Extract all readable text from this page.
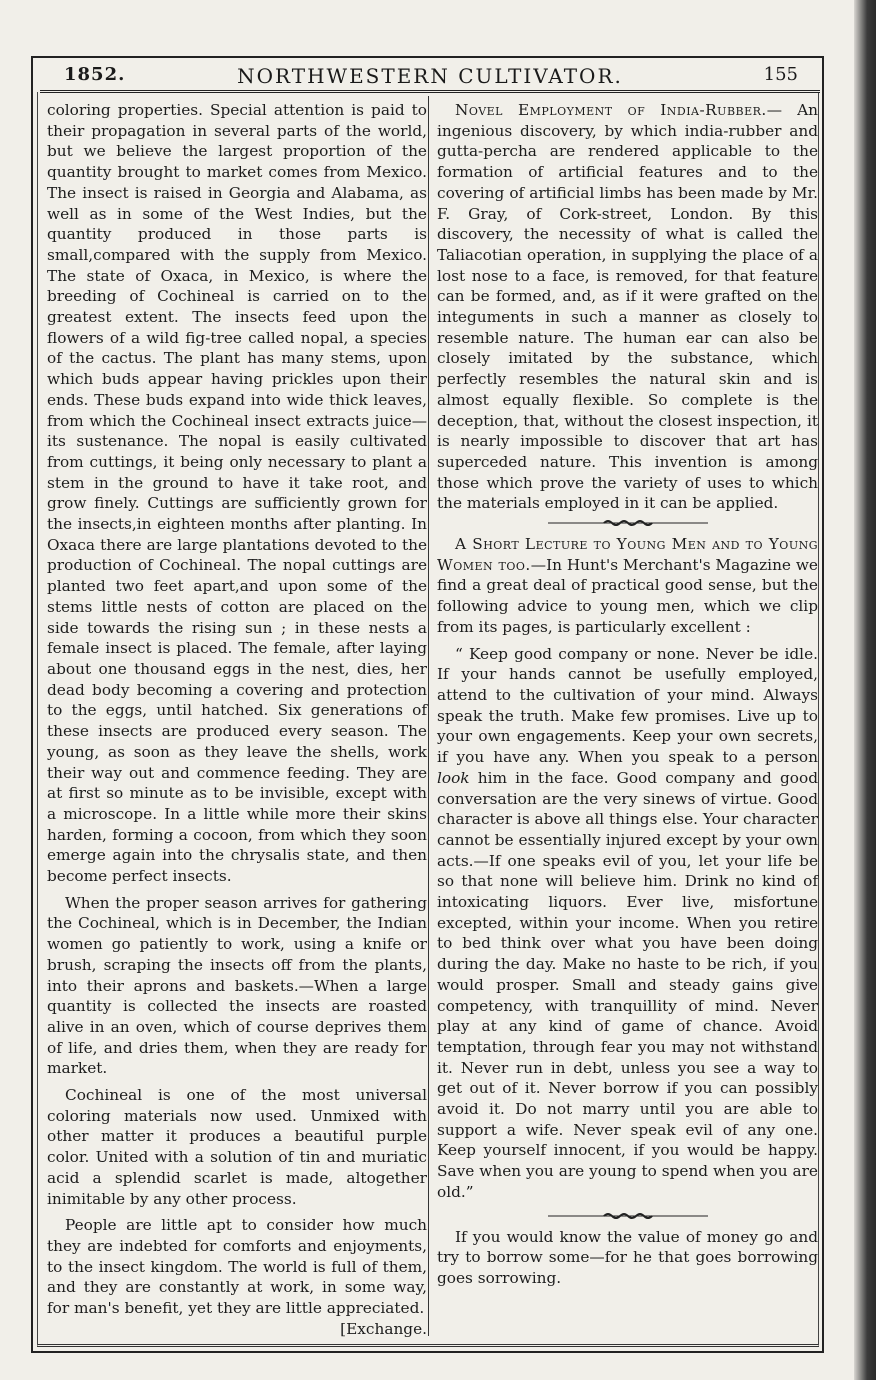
1852.	NORTHWESTERN CULTIVATOR.	155

coloring properties. Special attention is paid to their propagation in several parts of the world, but we believe the largest proportion of the quantity brought to market comes from Mexico. The insect is raised in Georgia and Alabama, as well as in some of the West Indies, but the quantity produced in those parts is small,compared with the supply from Mexico. The state of Oxaca, in Mexico, is where the breeding of Cochineal is carried on to the greatest extent. The insects feed upon the flowers of a wild fig-tree called nopal, a species of the cactus. The plant has many stems, upon which buds appear having prickles upon their ends. These buds expand into wide thick leaves, from which the Cochineal insect extracts juice—its sustenance. The nopal is easily cultivated from cuttings, it being only necessary to plant a stem in the ground to have it take root, and grow finely. Cuttings are sufficiently grown for the insects,in eighteen months after planting. In Oxaca there are large plantations devoted to the production of Cochineal. The nopal cuttings are planted two feet apart,and upon some of the stems little nests of cotton are placed on the side towards the rising sun ; in these nests a female insect is placed. The female, after laying about one thousand eggs in the nest, dies, her dead body becoming a covering and protection to the eggs, until hatched. Six generations of these insects are produced every season. The young, as soon as they leave the shells, work their way out and commence feeding. They are at first so minute as to be invisible, except with a microscope. In a little while more their skins harden, forming a cocoon, from which they soon emerge again into the chrysalis state, and then become perfect insects.

When the proper season arrives for gathering the Cochineal, which is in December, the Indian women go patiently to work, using a knife or brush, scraping the insects off from the plants, into their aprons and baskets.—When a large quantity is collected the insects are roasted alive in an oven, which of course deprives them of life, and dries them, when they are ready for market.

Cochineal is one of the most universal coloring materials now used. Unmixed with other matter it produces a beautiful purple color. United with a solution of tin and muriatic acid a splendid scarlet is made, altogether inimitable by any other process.

People are little apt to consider how much they are indebted for comforts and enjoyments, to the insect kingdom. The world is full of them, and they are constantly at work, in some way, for man's benefit, yet they are little appreciated.
[Exchange.

Novel Employment of India-Rubber.— An ingenious discovery, by which india-rubber and gutta-percha are rendered applicable to the formation of artificial features and to the covering of artificial limbs has been made by Mr. F. Gray, of Cork-street, London. By this discovery, the necessity of what is called the Taliacotian operation, in supplying the place of a lost nose to a face, is removed, for that feature can be formed, and, as if it were grafted on the integuments in such a manner as closely to resemble nature. The human ear can also be closely imitated by the substance, which perfectly resembles the natural skin and is almost equally flexible. So complete is the deception, that, without the closest inspection, it is nearly impossible to discover that art has superceded nature. This invention is among those which prove the variety of uses to which the materials employed in it can be applied.

A Short Lecture to Young Men and to Young Women too.—In Hunt's Merchant's Magazine we find a great deal of practical good sense, but the following advice to young men, which we clip from its pages, is particularly excellent :

“ Keep good company or none. Never be idle. If your hands cannot be usefully employed, attend to the cultivation of your mind. Always speak the truth. Make few promises. Live up to your own engagements. Keep your own secrets, if you have any. When you speak to a person look him in the face. Good company and good conversation are the very sinews of virtue. Good character is above all things else. Your character cannot be essentially injured except by your own acts.—If one speaks evil of you, let your life be so that none will believe him. Drink no kind of intoxicating liquors. Ever live, misfortune excepted, within your income. When you retire to bed think over what you have been doing during the day. Make no haste to be rich, if you would prosper. Small and steady gains give competency, with tranquillity of mind. Never play at any kind of game of chance. Avoid temptation, through fear you may not withstand it. Never run in debt, unless you see a way to get out of it. Never borrow if you can possibly avoid it. Do not marry until you are able to support a wife. Never speak evil of any one. Keep yourself innocent, if you would be happy. Save when you are young to spend when you are old.”

If you would know the value of money go and try to borrow some—for he that goes borrowing goes sorrowing.
